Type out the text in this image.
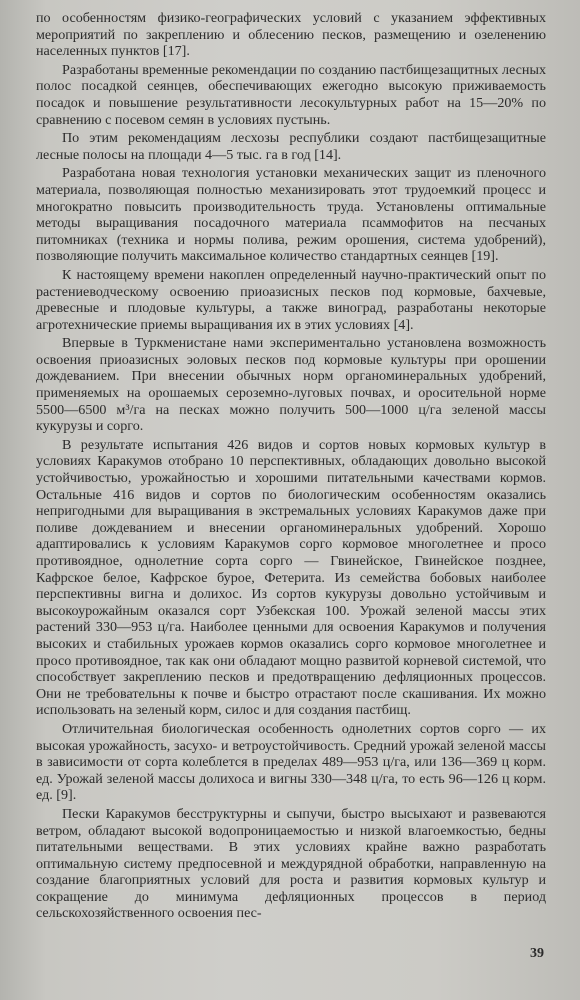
по особенностям физико-географических условий с указанием эффективных мероприятий по закреплению и облесению песков, размещению и озеленению населенных пунктов [17].

Разработаны временные рекомендации по созданию пастбищезащитных лесных полос посадкой сеянцев, обеспечивающих ежегодно высокую приживаемость посадок и повышение результативности лесокультурных работ на 15—20% по сравнению с посевом семян в условиях пустынь.

По этим рекомендациям лесхозы республики создают пастбищезащитные лесные полосы на площади 4—5 тыс. га в год [14].

Разработана новая технология установки механических защит из пленочного материала, позволяющая полностью механизировать этот трудоемкий процесс и многократно повысить производительность труда. Установлены оптимальные методы выращивания посадочного материала псаммофитов на песчаных питомниках (техника и нормы полива, режим орошения, система удобрений), позволяющие получить максимальное количество стандартных сеянцев [19].

К настоящему времени накоплен определенный научно-практический опыт по растениеводческому освоению приоазисных песков под кормовые, бахчевые, древесные и плодовые культуры, а также виноград, разработаны некоторые агротехнические приемы выращивания их в этих условиях [4].

Впервые в Туркменистане нами экспериментально установлена возможность освоения приоазисных эоловых песков под кормовые культуры при орошении дождеванием. При внесении обычных норм органоминеральных удобрений, применяемых на орошаемых сероземно-луговых почвах, и оросительной норме 5500—6500 м³/га на песках можно получить 500—1000 ц/га зеленой массы кукурузы и сорго.

В результате испытания 426 видов и сортов новых кормовых культур в условиях Каракумов отобрано 10 перспективных, обладающих довольно высокой устойчивостью, урожайностью и хорошими питательными качествами кормов. Остальные 416 видов и сортов по биологическим особенностям оказались непригодными для выращивания в экстремальных условиях Каракумов даже при поливе дождеванием и внесении органоминеральных удобрений. Хорошо адаптировались к условиям Каракумов сорго кормовое многолетнее и просо противоядное, однолетние сорта сорго — Гвинейское, Гвинейское позднее, Кафрское белое, Кафрское бурое, Фетерита. Из семейства бобовых наиболее перспективны вигна и долихос. Из сортов кукурузы довольно устойчивым и высокоурожайным оказался сорт Узбекская 100. Урожай зеленой массы этих растений 330—953 ц/га. Наиболее ценными для освоения Каракумов и получения высоких и стабильных урожаев кормов оказались сорго кормовое многолетнее и просо противоядное, так как они обладают мощно развитой корневой системой, что способствует закреплению песков и предотвращению дефляционных процессов. Они не требовательны к почве и быстро отрастают после скашивания. Их можно использовать на зеленый корм, силос и для создания пастбищ.

Отличительная биологическая особенность однолетних сортов сорго — их высокая урожайность, засухо- и ветроустойчивость. Средний урожай зеленой массы в зависимости от сорта колеблется в пределах 489—953 ц/га, или 136—369 ц корм. ед. Урожай зеленой массы долихоса и вигны 330—348 ц/га, то есть 96—126 ц корм. ед. [9].

Пески Каракумов бесструктурны и сыпучи, быстро высыхают и развеваются ветром, обладают высокой водопроницаемостью и низкой влагоемкостью, бедны питательными веществами. В этих условиях крайне важно разработать оптимальную систему предпосевной и междурядной обработки, направленную на создание благоприятных условий для роста и развития кормовых культур и сокращение до минимума дефляционных процессов в период сельскохозяйственного освоения пес-

39
